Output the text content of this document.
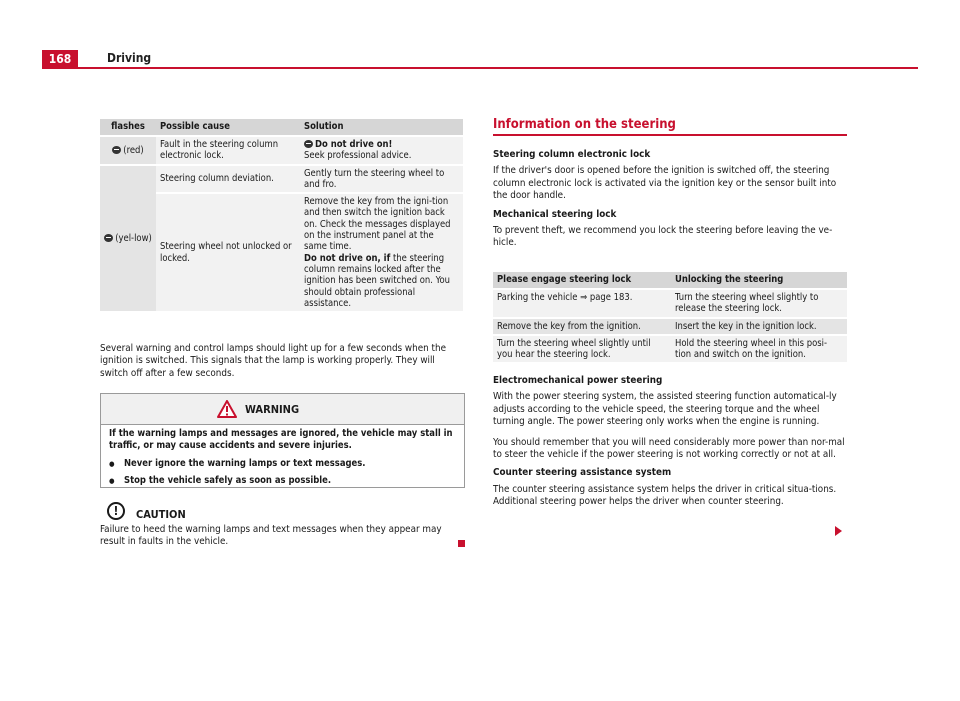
168	Driving
flashes	Possible cause	Solution
(red)	Fault in the steering column electronic lock.	Do not drive on!
Seek professional advice.
(yel-low)	Steering column deviation.	Gently turn the steering wheel to and fro.
	Steering wheel not unlocked or locked.	Remove the key from the igni-tion and then switch the ignition back on. Check the messages displayed on the instrument panel at the same time.
Do not drive on, if the steering column remains locked after the ignition has been switched on. You should obtain professional assistance.
Several warning and control lamps should light up for a few seconds when the ignition is switched. This signals that the lamp is working properly. They will switch off after a few seconds.
WARNING

If the warning lamps and messages are ignored, the vehicle may stall in traffic, or may cause accidents and severe injuries.

● Never ignore the warning lamps or text messages.
● Stop the vehicle safely as soon as possible.
!	CAUTION
Failure to heed the warning lamps and text messages when they appear may result in faults in the vehicle.
Information on the steering

Steering column electronic lock

If the driver's door is opened before the ignition is switched off, the steering column electronic lock is activated via the ignition key or the sensor built into the door handle.

Mechanical steering lock

To prevent theft, we recommend you lock the steering before leaving the ve-hicle.

Please engage steering lock	Unlocking the steering
Parking the vehicle ⇒ page 183.	Turn the steering wheel slightly to release the steering lock.
Remove the key from the ignition.	Insert the key in the ignition lock.
Turn the steering wheel slightly until you hear the steering lock.	Hold the steering wheel in this posi-tion and switch on the ignition.

Electromechanical power steering

With the power steering system, the assisted steering function automatical-ly adjusts according to the vehicle speed, the steering torque and the wheel turning angle. The power steering only works when the engine is running.

You should remember that you will need considerably more power than nor-mal to steer the vehicle if the power steering is not working correctly or not at all.

Counter steering assistance system

The counter steering assistance system helps the driver in critical situa-tions. Additional steering power helps the driver when counter steering.
